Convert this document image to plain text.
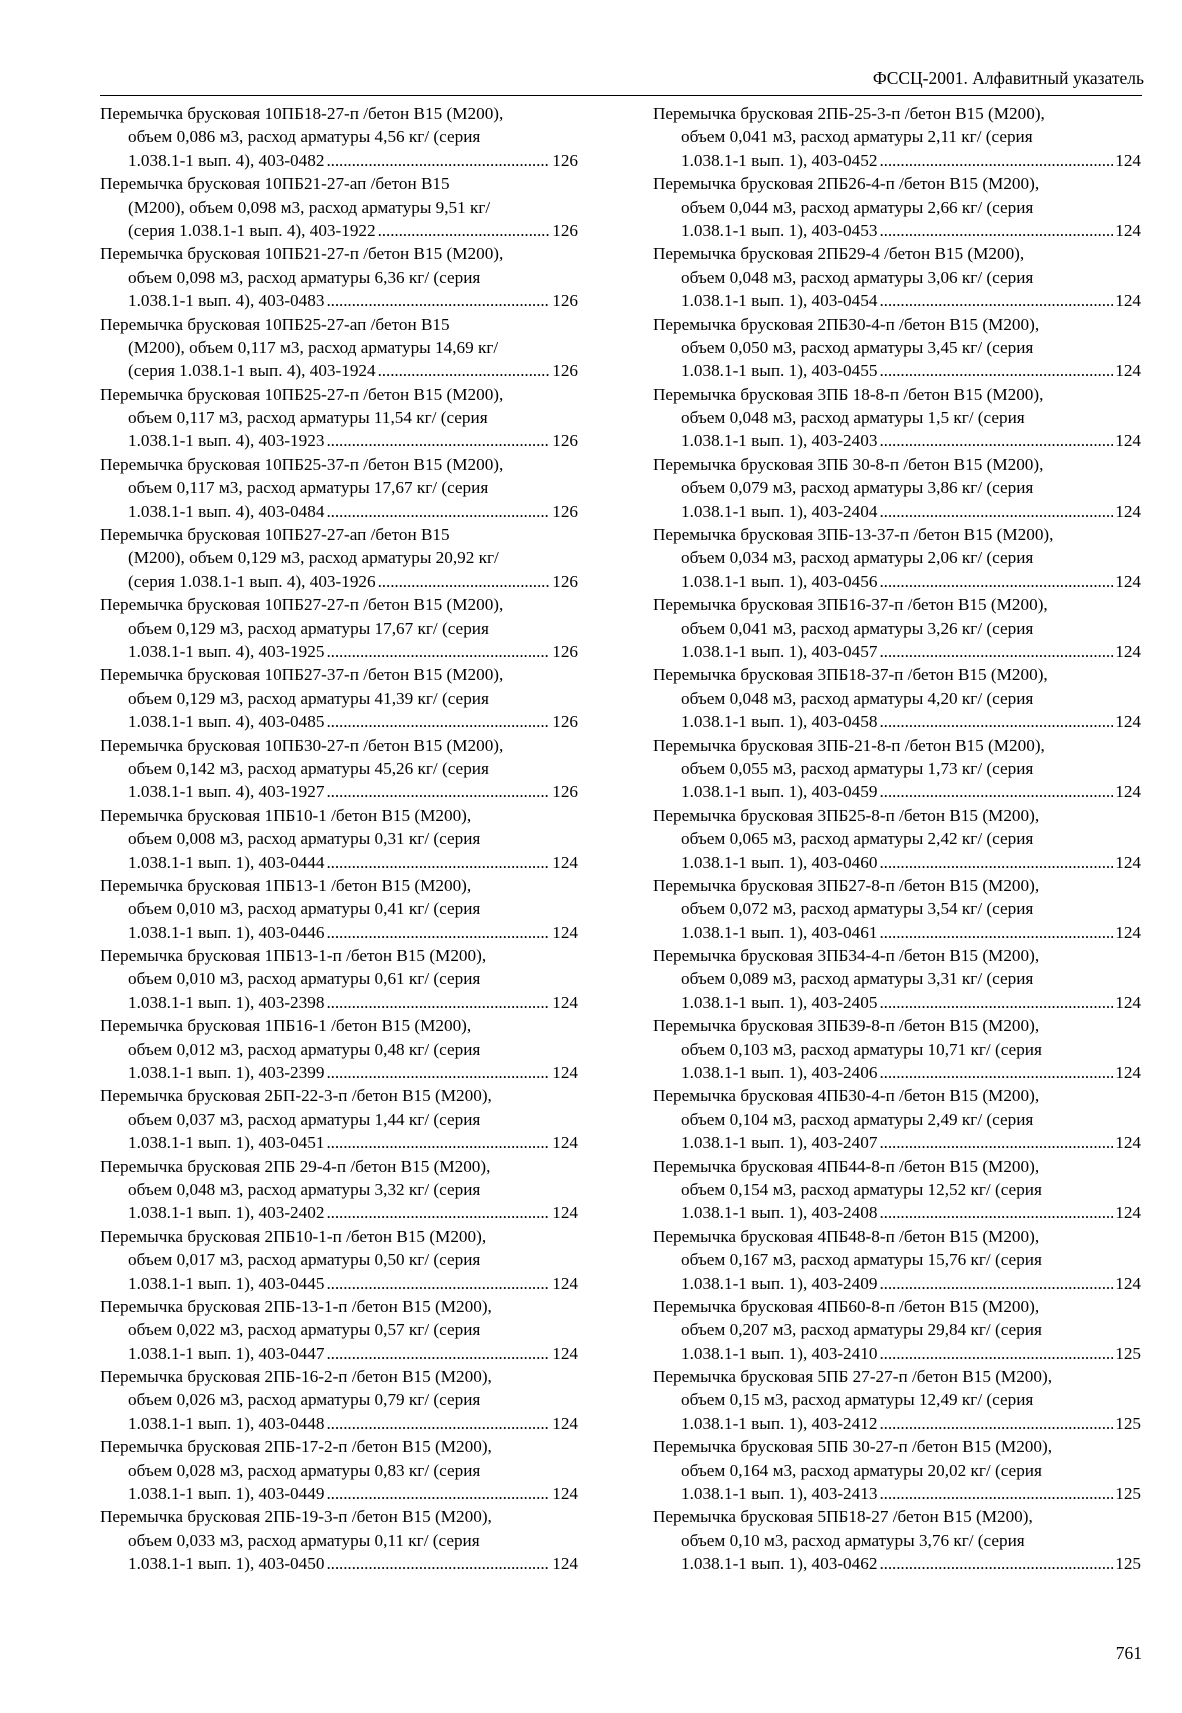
ФССЦ-2001. Алфавитный указатель
Перемычка брусковая 10ПБ18-27-п /бетон В15 (М200),
объем 0,086 м3, расход арматуры 4,56 кг/ (серия
1.038.1-1 вып. 4), 403-0482 . . .	126
Перемычка брусковая 10ПБ21-27-ап /бетон В15
(М200), объем 0,098 м3, расход арматуры 9,51 кг/
(серия 1.038.1-1 вып. 4), 403-1922 . . .	126
Перемычка брусковая 10ПБ21-27-п /бетон В15 (М200),
объем 0,098 м3, расход арматуры 6,36 кг/ (серия
1.038.1-1 вып. 4), 403-0483 . . .	126
Перемычка брусковая 10ПБ25-27-ап /бетон В15
(М200), объем 0,117 м3, расход арматуры 14,69 кг/
(серия 1.038.1-1 вып. 4), 403-1924 . . .	126
Перемычка брусковая 10ПБ25-27-п /бетон В15 (М200),
объем 0,117 м3, расход арматуры 11,54 кг/ (серия
1.038.1-1 вып. 4), 403-1923 . . .	126
Перемычка брусковая 10ПБ25-37-п /бетон В15 (М200),
объем 0,117 м3, расход арматуры 17,67 кг/ (серия
1.038.1-1 вып. 4), 403-0484 . . .	126
Перемычка брусковая 10ПБ27-27-ап /бетон В15
(М200), объем 0,129 м3, расход арматуры 20,92 кг/
(серия 1.038.1-1 вып. 4), 403-1926 . . .	126
Перемычка брусковая 10ПБ27-27-п /бетон В15 (М200),
объем 0,129 м3, расход арматуры 17,67 кг/ (серия
1.038.1-1 вып. 4), 403-1925 . . .	126
Перемычка брусковая 10ПБ27-37-п /бетон В15 (М200),
объем 0,129 м3, расход арматуры 41,39 кг/ (серия
1.038.1-1 вып. 4), 403-0485 . . .	126
Перемычка брусковая 10ПБ30-27-п /бетон В15 (М200),
объем 0,142 м3, расход арматуры 45,26 кг/ (серия
1.038.1-1 вып. 4), 403-1927 . . .	126
Перемычка брусковая 1ПБ10-1 /бетон В15 (М200),
объем 0,008 м3, расход арматуры 0,31 кг/ (серия
1.038.1-1 вып. 1), 403-0444 . . .	124
Перемычка брусковая 1ПБ13-1 /бетон В15 (М200),
объем 0,010 м3, расход арматуры 0,41 кг/ (серия
1.038.1-1 вып. 1), 403-0446 . . .	124
Перемычка брусковая 1ПБ13-1-п /бетон В15 (М200),
объем 0,010 м3, расход арматуры 0,61 кг/ (серия
1.038.1-1 вып. 1), 403-2398 . . .	124
Перемычка брусковая 1ПБ16-1 /бетон В15 (М200),
объем 0,012 м3, расход арматуры 0,48 кг/ (серия
1.038.1-1 вып. 1), 403-2399 . . .	124
Перемычка брусковая 2БП-22-3-п /бетон В15 (М200),
объем 0,037 м3, расход арматуры 1,44 кг/ (серия
1.038.1-1 вып. 1), 403-0451 . . .	124
Перемычка брусковая 2ПБ 29-4-п /бетон В15 (М200),
объем 0,048 м3, расход арматуры 3,32 кг/ (серия
1.038.1-1 вып. 1), 403-2402 . . .	124
Перемычка брусковая 2ПБ10-1-п /бетон В15 (М200),
объем 0,017 м3, расход арматуры 0,50 кг/ (серия
1.038.1-1 вып. 1), 403-0445 . . .	124
Перемычка брусковая 2ПБ-13-1-п /бетон В15 (М200),
объем 0,022 м3, расход арматуры 0,57 кг/ (серия
1.038.1-1 вып. 1), 403-0447 . . .	124
Перемычка брусковая 2ПБ-16-2-п /бетон В15 (М200),
объем 0,026 м3, расход арматуры 0,79 кг/ (серия
1.038.1-1 вып. 1), 403-0448 . . .	124
Перемычка брусковая 2ПБ-17-2-п /бетон В15 (М200),
объем 0,028 м3, расход арматуры 0,83 кг/ (серия
1.038.1-1 вып. 1), 403-0449 . . .	124
Перемычка брусковая 2ПБ-19-3-п /бетон В15 (М200),
объем 0,033 м3, расход арматуры 0,11 кг/ (серия
1.038.1-1 вып. 1), 403-0450 . . .	124
Перемычка брусковая 2ПБ-25-3-п /бетон В15 (М200),
объем 0,041 м3, расход арматуры 2,11 кг/ (серия
1.038.1-1 вып. 1), 403-0452 . . .	124
Перемычка брусковая 2ПБ26-4-п /бетон В15 (М200),
объем 0,044 м3, расход арматуры 2,66 кг/ (серия
1.038.1-1 вып. 1), 403-0453 . . .	124
Перемычка брусковая 2ПБ29-4 /бетон В15 (М200),
объем 0,048 м3, расход арматуры 3,06 кг/ (серия
1.038.1-1 вып. 1), 403-0454 . . .	124
Перемычка брусковая 2ПБ30-4-п /бетон В15 (М200),
объем 0,050 м3, расход арматуры 3,45 кг/ (серия
1.038.1-1 вып. 1), 403-0455 . . .	124
Перемычка брусковая 3ПБ 18-8-п /бетон В15 (М200),
объем 0,048 м3, расход арматуры 1,5 кг/ (серия
1.038.1-1 вып. 1), 403-2403 . . .	124
Перемычка брусковая 3ПБ 30-8-п /бетон В15 (М200),
объем 0,079 м3, расход арматуры 3,86 кг/ (серия
1.038.1-1 вып. 1), 403-2404 . . .	124
Перемычка брусковая 3ПБ-13-37-п /бетон В15 (М200),
объем 0,034 м3, расход арматуры 2,06 кг/ (серия
1.038.1-1 вып. 1), 403-0456 . . .	124
Перемычка брусковая 3ПБ16-37-п /бетон В15 (М200),
объем 0,041 м3, расход арматуры 3,26 кг/ (серия
1.038.1-1 вып. 1), 403-0457 . . .	124
Перемычка брусковая 3ПБ18-37-п /бетон В15 (М200),
объем 0,048 м3, расход арматуры 4,20 кг/ (серия
1.038.1-1 вып. 1), 403-0458 . . .	124
Перемычка брусковая 3ПБ-21-8-п /бетон В15 (М200),
объем 0,055 м3, расход арматуры 1,73 кг/ (серия
1.038.1-1 вып. 1), 403-0459 . . .	124
Перемычка брусковая 3ПБ25-8-п /бетон В15 (М200),
объем 0,065 м3, расход арматуры 2,42 кг/ (серия
1.038.1-1 вып. 1), 403-0460 . . .	124
Перемычка брусковая 3ПБ27-8-п /бетон В15 (М200),
объем 0,072 м3, расход арматуры 3,54 кг/ (серия
1.038.1-1 вып. 1), 403-0461 . . .	124
Перемычка брусковая 3ПБ34-4-п /бетон В15 (М200),
объем 0,089 м3, расход арматуры 3,31 кг/ (серия
1.038.1-1 вып. 1), 403-2405 . . .	124
Перемычка брусковая 3ПБ39-8-п /бетон В15 (М200),
объем 0,103 м3, расход арматуры 10,71 кг/ (серия
1.038.1-1 вып. 1), 403-2406 . . .	124
Перемычка брусковая 4ПБ30-4-п /бетон В15 (М200),
объем 0,104 м3, расход арматуры 2,49 кг/ (серия
1.038.1-1 вып. 1), 403-2407 . . .	124
Перемычка брусковая 4ПБ44-8-п /бетон В15 (М200),
объем 0,154 м3, расход арматуры 12,52 кг/ (серия
1.038.1-1 вып. 1), 403-2408 . . .	124
Перемычка брусковая 4ПБ48-8-п /бетон В15 (М200),
объем 0,167 м3, расход арматуры 15,76 кг/ (серия
1.038.1-1 вып. 1), 403-2409 . . .	124
Перемычка брусковая 4ПБ60-8-п /бетон В15 (М200),
объем 0,207 м3, расход арматуры 29,84 кг/ (серия
1.038.1-1 вып. 1), 403-2410 . . .	125
Перемычка брусковая 5ПБ 27-27-п /бетон В15 (М200),
объем 0,15 м3, расход арматуры 12,49 кг/ (серия
1.038.1-1 вып. 1), 403-2412 . . .	125
Перемычка брусковая 5ПБ 30-27-п /бетон В15 (М200),
объем 0,164 м3, расход арматуры 20,02 кг/ (серия
1.038.1-1 вып. 1), 403-2413 . . .	125
Перемычка брусковая 5ПБ18-27 /бетон В15 (М200),
объем 0,10 м3, расход арматуры 3,76 кг/ (серия
1.038.1-1 вып. 1), 403-0462 . . .	125
761
